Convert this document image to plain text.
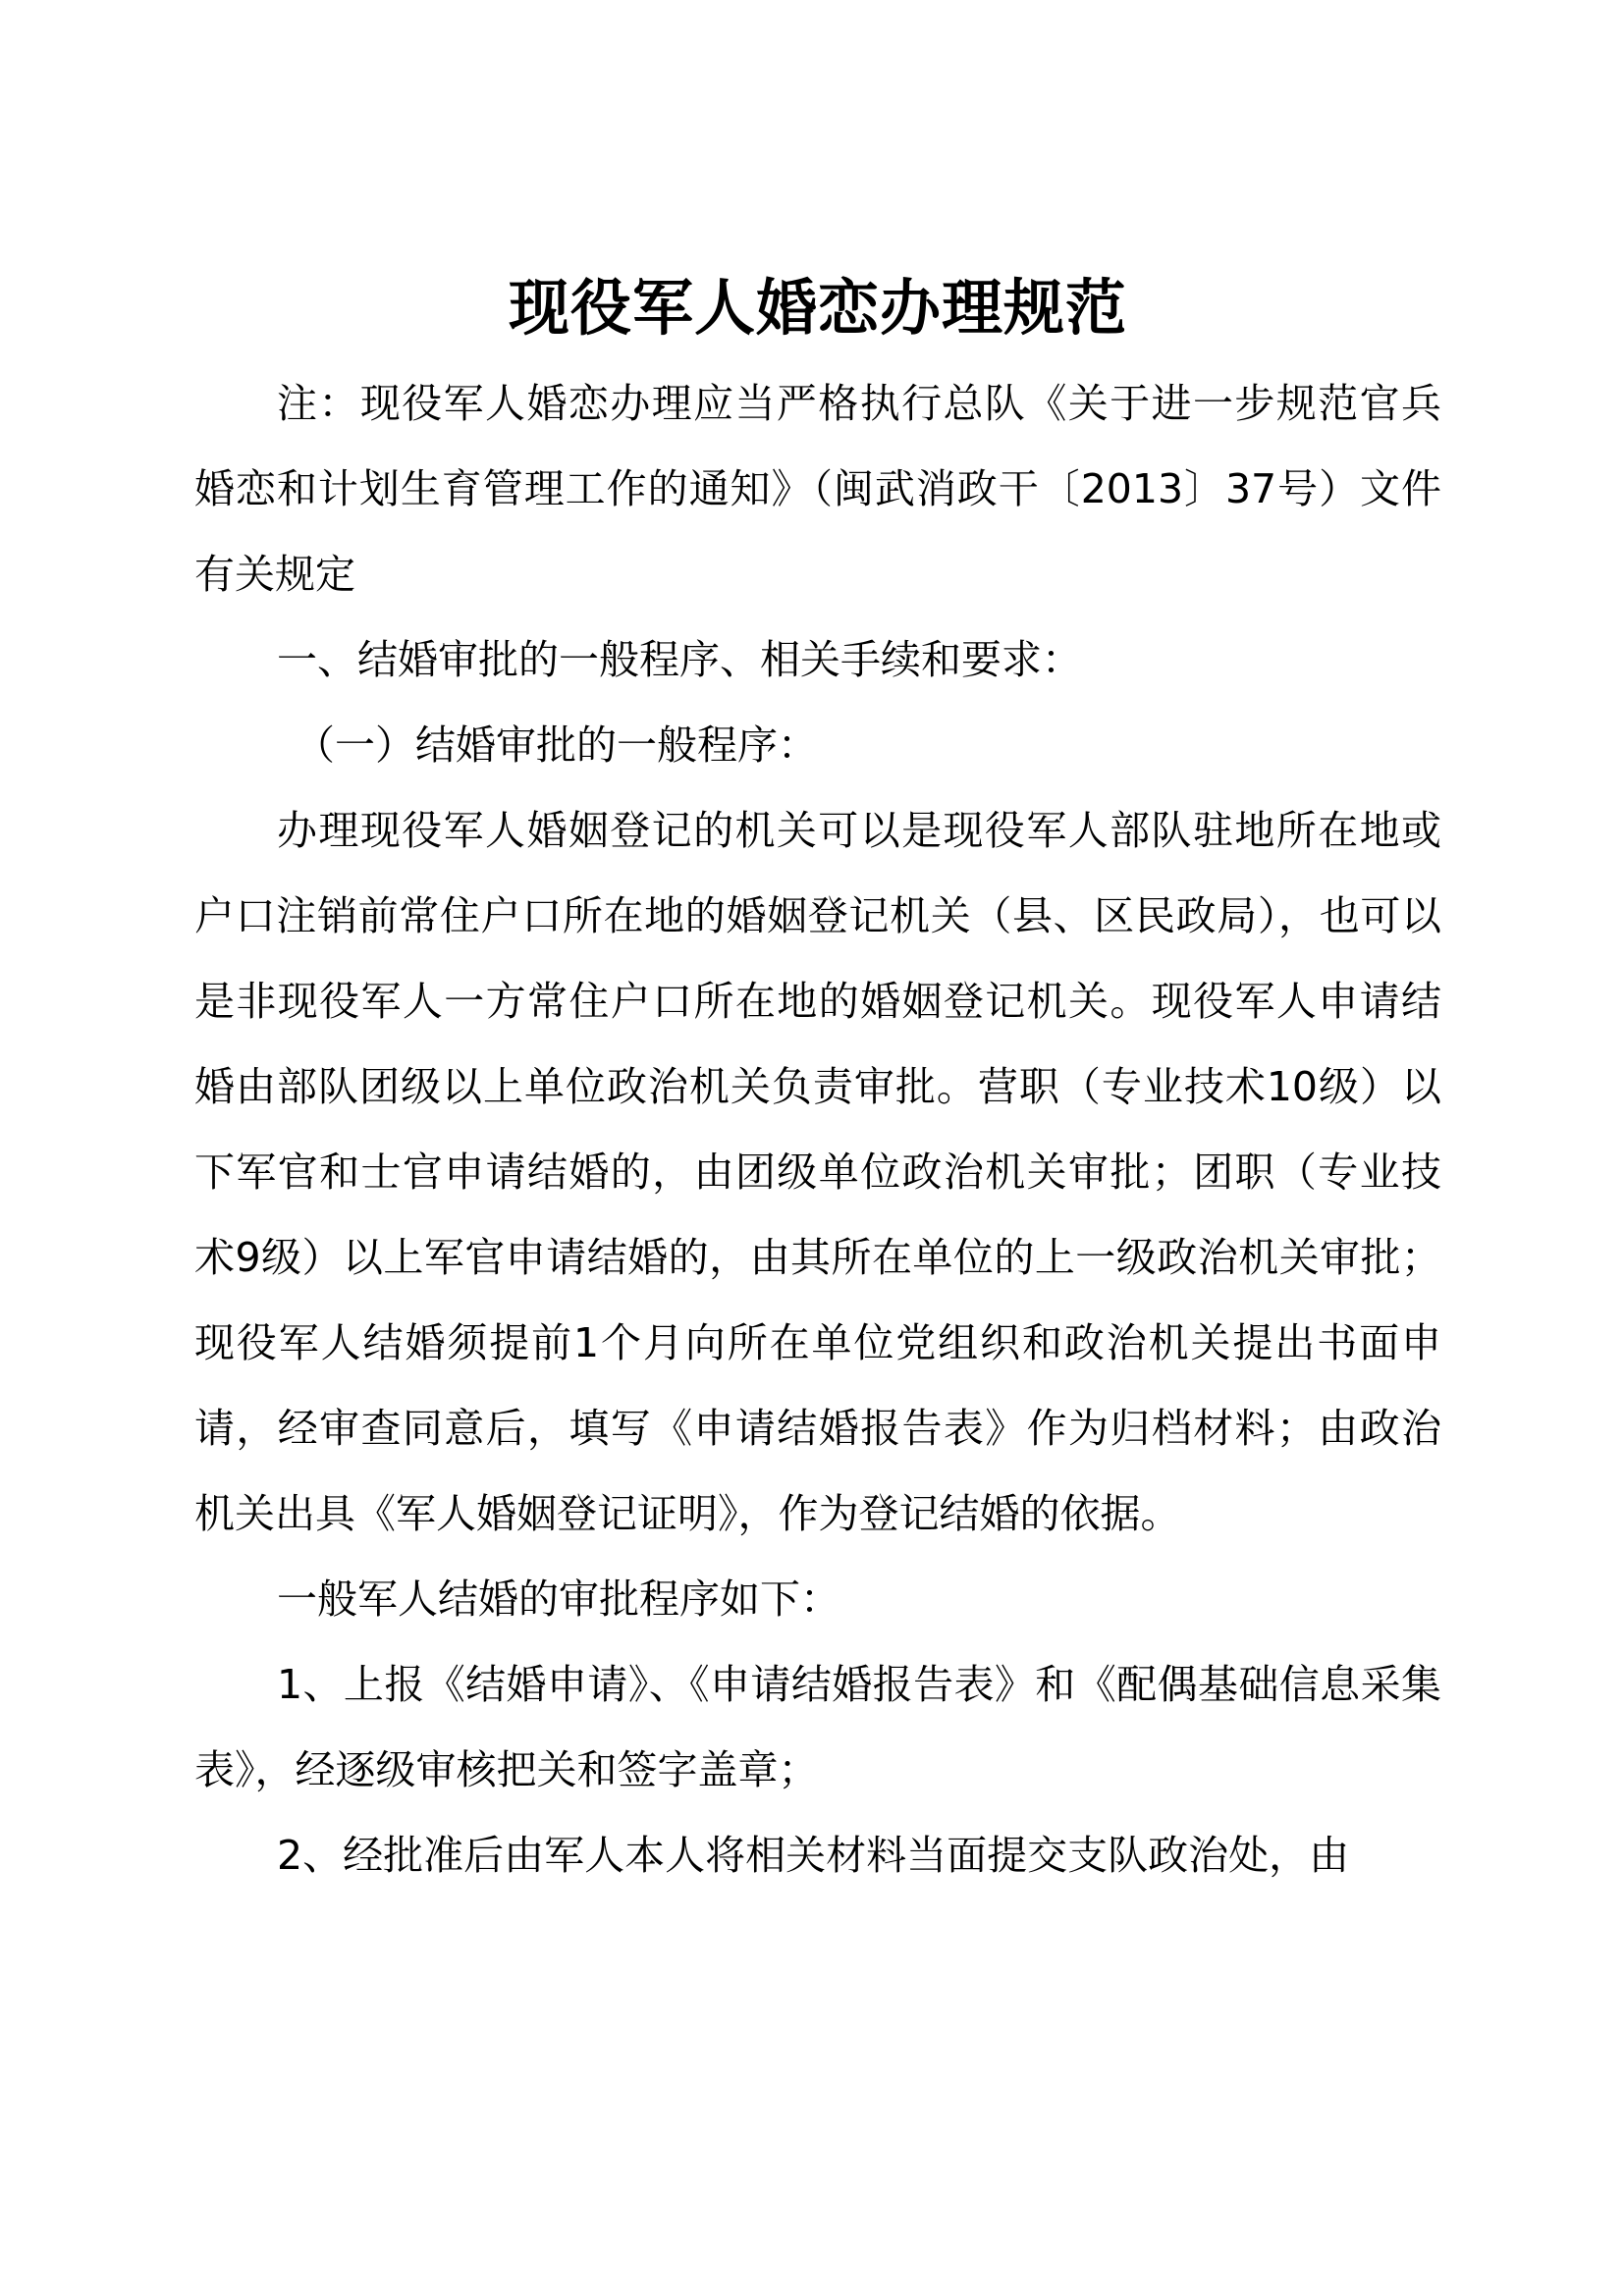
现役军人婚恋办理规范

注：现役军人婚恋办理应当严格执行总队《关于进一步规范官兵婚恋和计划生育管理工作的通知》（闽武消政干〔2013〕37号）文件有关规定

一、结婚审批的一般程序、相关手续和要求：

（一）结婚审批的一般程序：

办理现役军人婚姻登记的机关可以是现役军人部队驻地所在地或户口注销前常住户口所在地的婚姻登记机关（县、区民政局），也可以是非现役军人一方常住户口所在地的婚姻登记机关。现役军人申请结婚由部队团级以上单位政治机关负责审批。营职（专业技术10级）以下军官和士官申请结婚的，由团级单位政治机关审批；团职（专业技术9级）以上军官申请结婚的，由其所在单位的上一级政治机关审批；现役军人结婚须提前1个月向所在单位党组织和政治机关提出书面申请，经审查同意后，填写《申请结婚报告表》作为归档材料；由政治机关出具《军人婚姻登记证明》，作为登记结婚的依据。

一般军人结婚的审批程序如下：

1、上报《结婚申请》、《申请结婚报告表》和《配偶基础信息采集表》，经逐级审核把关和签字盖章；

2、经批准后由军人本人将相关材料当面提交支队政治处，由
